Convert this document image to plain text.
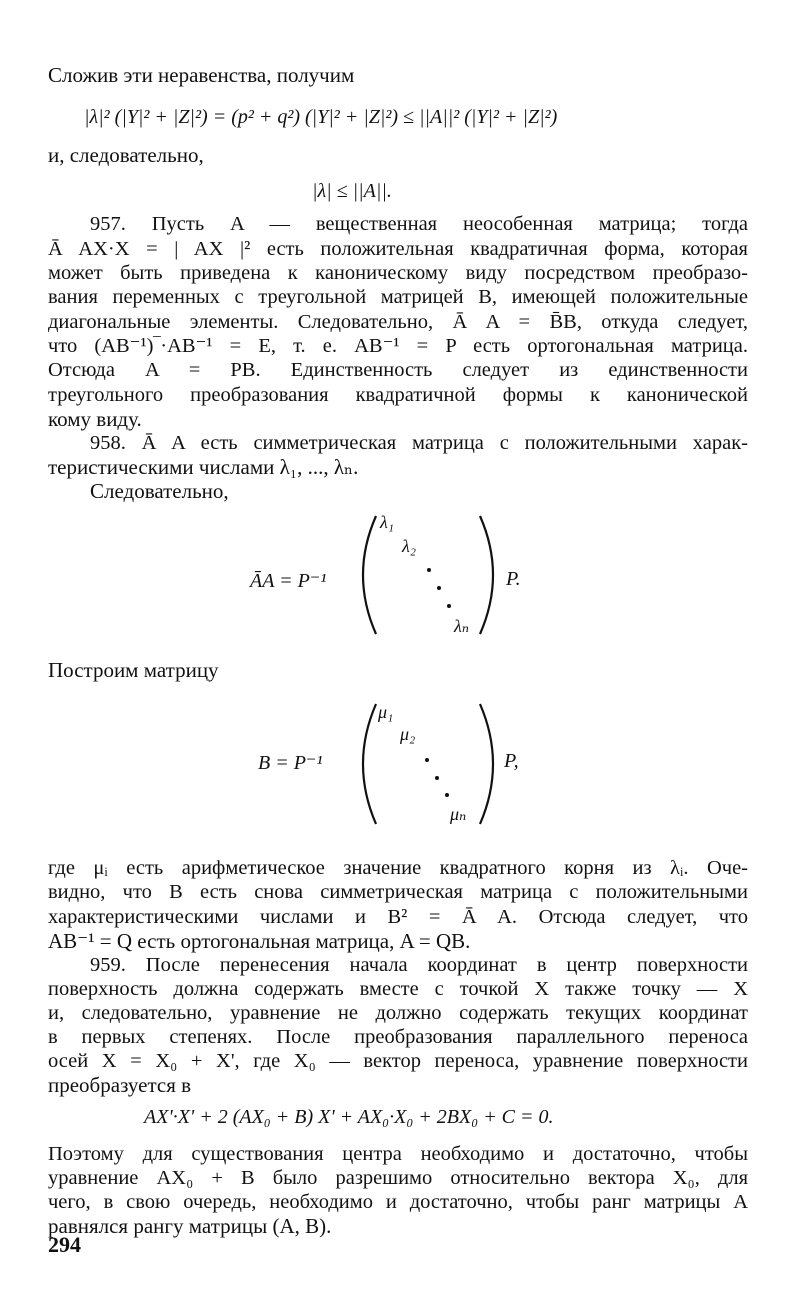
Сложив эти неравенства, получим
|λ|² (|Y|² + |Z|²) = (p² + q²) (|Y|² + |Z|²) ≤ ||A||² (|Y|² + |Z|²)
и, следовательно,
|λ| ≤ ||A||.
957. Пусть A — вещественная неособенная матрица; тогда
Ā AX·X = | AX |² есть положительная квадратичная форма, которая
может быть приведена к каноническому виду посредством преобразо-
вания переменных с треугольной матрицей B, имеющей положительные
диагональные элементы. Следовательно, Ā A = B̄B, откуда следует,
что (AB⁻¹)‾·AB⁻¹ = E, т. е. AB⁻¹ = P есть ортогональная матрица.
Отсюда A = PB. Единственность следует из единственности
треугольного преобразования квадратичной формы к канонической
кому виду.
958. Ā A есть симметрическая матрица с положительными харак-
теристическими числами λ₁, ..., λₙ.
Следовательно,
ĀA = P⁻¹
λ₁
λ₂
λₙ
P.
Построим матрицу
B = P⁻¹
μ₁
μ₂
μₙ
P,
где μᵢ есть арифметическое значение квадратного корня из λᵢ. Оче-
видно, что B есть снова симметрическая матрица с положительными
характеристическими числами и B² = Ā A. Отсюда следует, что
AB⁻¹ = Q есть ортогональная матрица, A = QB.
959. После перенесения начала координат в центр поверхности
поверхность должна содержать вместе с точкой X также точку — X
и, следовательно, уравнение не должно содержать текущих координат
в первых степенях. После преобразования параллельного переноса
осей X = X₀ + X', где X₀ — вектор переноса, уравнение поверхности
преобразуется в
AX'·X' + 2 (AX₀ + B) X' + AX₀·X₀ + 2BX₀ + C = 0.
Поэтому для существования центра необходимо и достаточно, чтобы
уравнение AX₀ + B было разрешимо относительно вектора X₀, для
чего, в свою очередь, необходимо и достаточно, чтобы ранг матрицы A
равнялся рангу матрицы (A, B).
294
